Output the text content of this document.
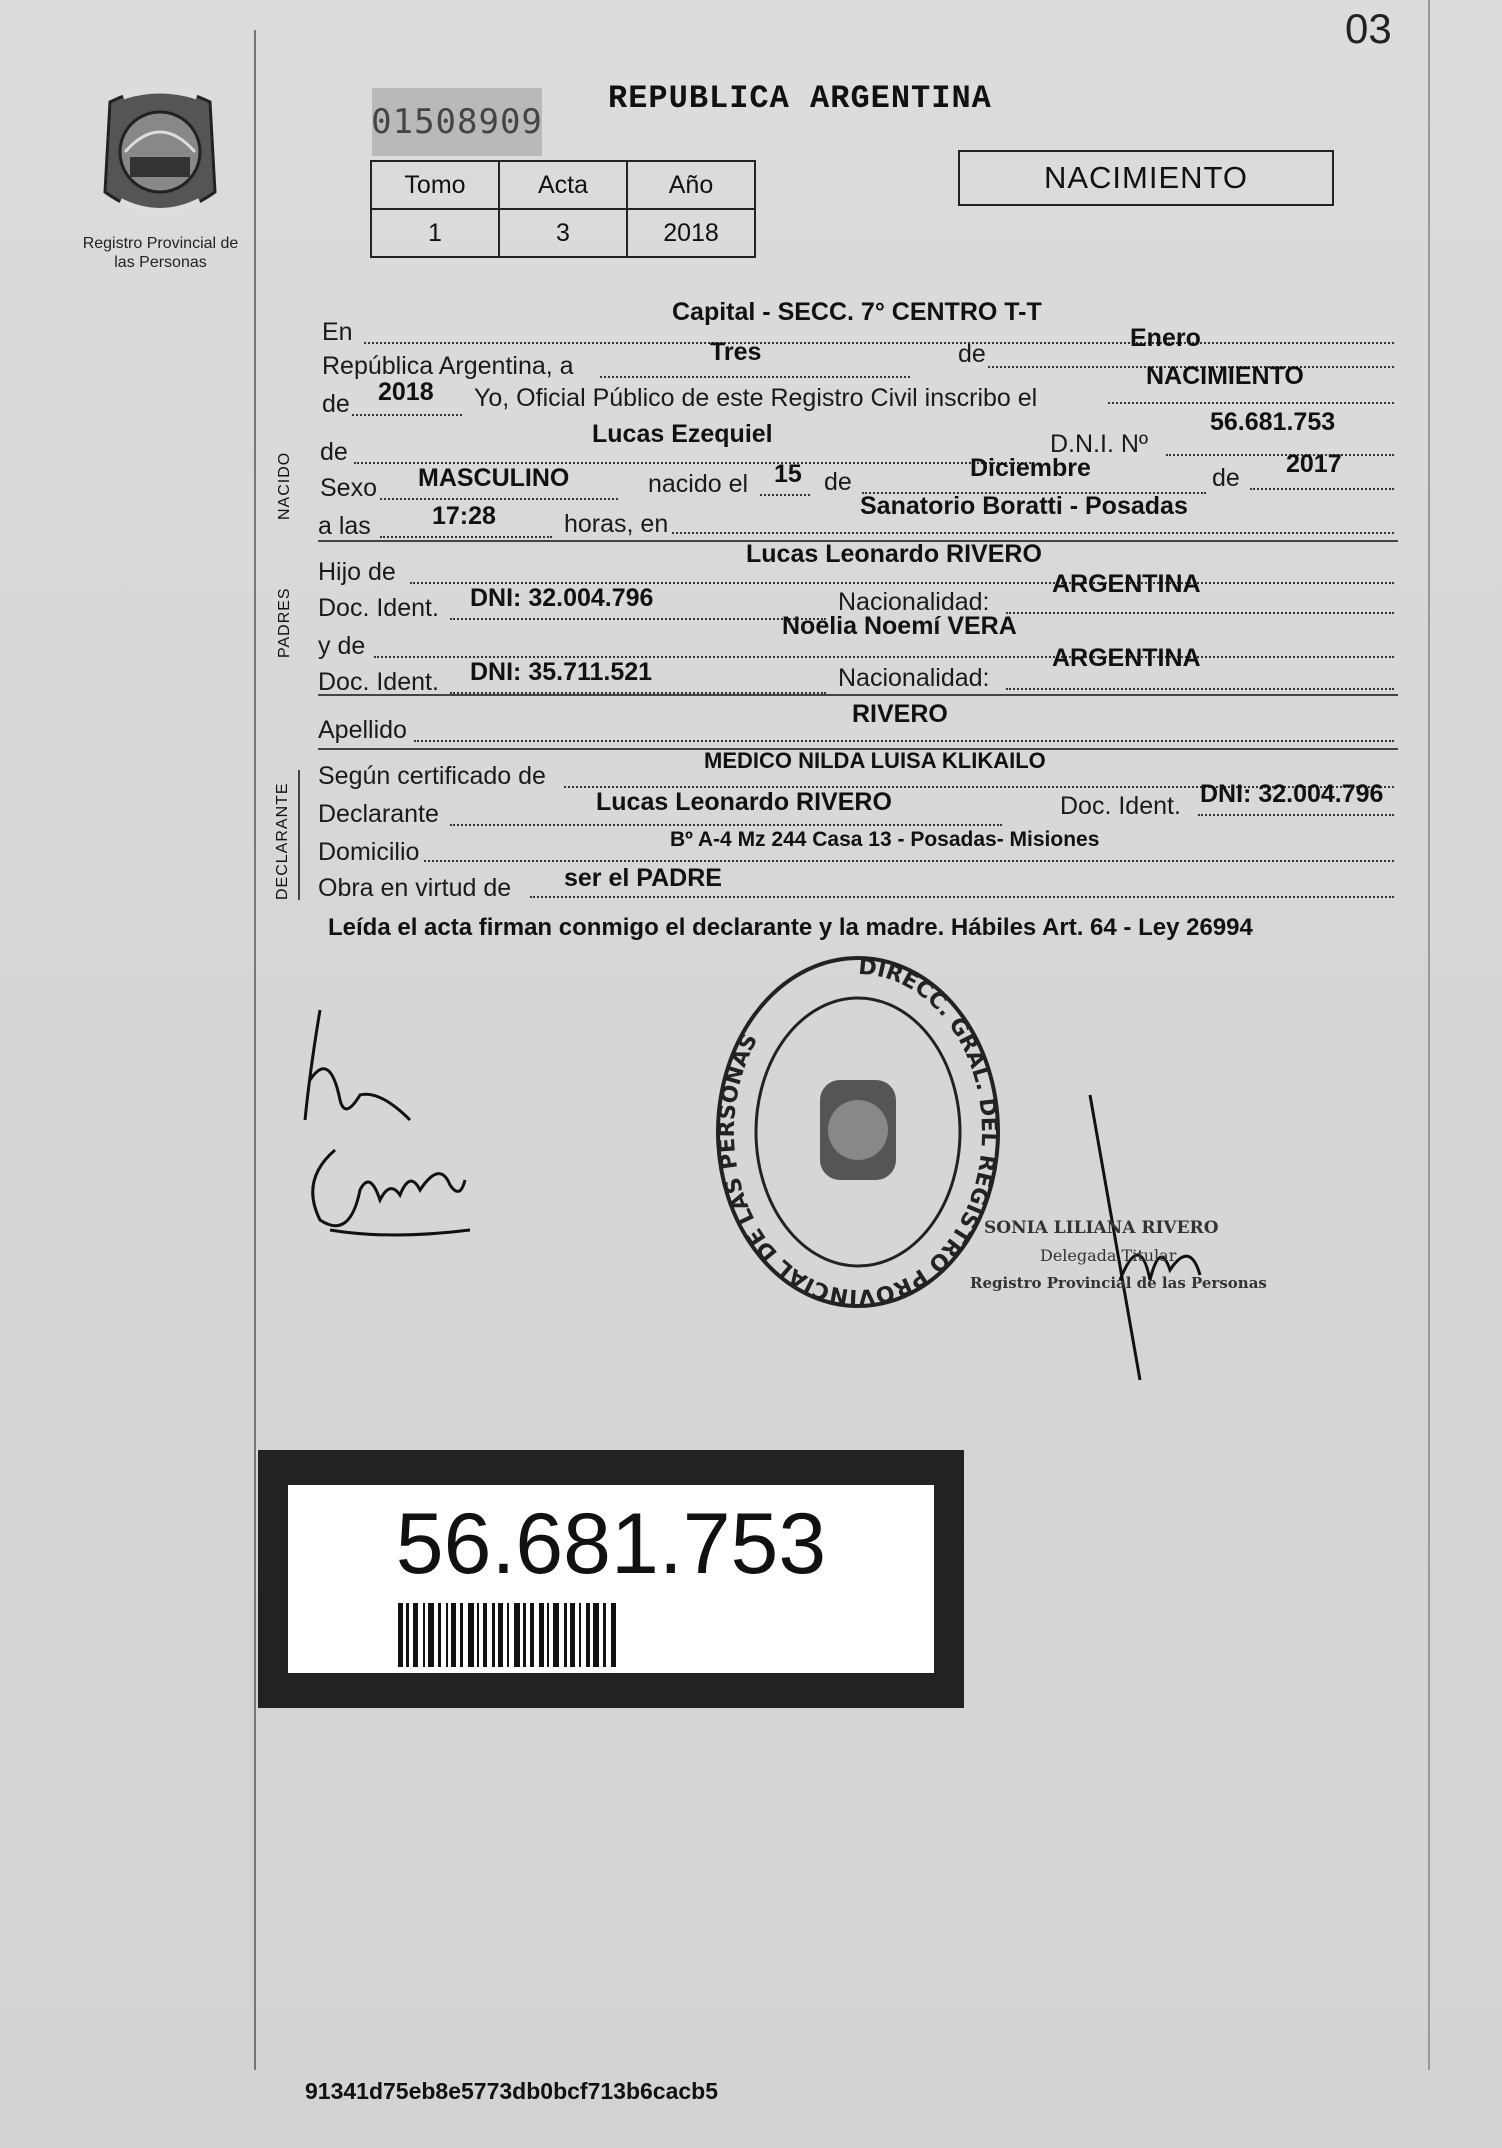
03
Registro Provincial de las Personas
01508909
REPUBLICA ARGENTINA
Tomo	Acta	Año
1	3	2018
NACIMIENTO
En
Capital - SECC. 7° CENTRO T-T
República Argentina, a	Tres	de
Enero
de 2018 Yo, Oficial Público de este Registro Civil inscribo el
NACIMIENTO
NACIDO de
Lucas Ezequiel	D.N.I. Nº
56.681.753
Sexo MASCULINO	nacido el 15 de	Diciembre	de 2017
a las 17:28	horas, en
Sanatorio Boratti - Posadas
PADRES
Hijo de
Lucas Leonardo RIVERO
Doc. Ident. DNI: 32.004.796	Nacionalidad:
ARGENTINA
y de
Noelia Noemí VERA
Doc. Ident. DNI: 35.711.521	Nacionalidad:
ARGENTINA
Apellido
RIVERO
DECLARANTE
Según certificado de
MEDICO NILDA LUISA KLIKAILO
Declarante	Lucas Leonardo RIVERO	Doc. Ident. DNI: 32.004.796
Domicilio	Bº A-4 Mz 244 Casa 13 - Posadas- Misiones
Obra en virtud de ser el PADRE
Leída el acta firman conmigo el declarante y la madre. Hábiles Art. 64 - Ley 26994
DIRECC. GRAL. DEL REGISTRO PROVINCIAL DE LAS PERSONAS
SONIA LILIANA RIVERO
Delegada Titular
Registro Provincial de las Personas
56.681.753
91341d75eb8e5773db0bcf713b6cacb5
